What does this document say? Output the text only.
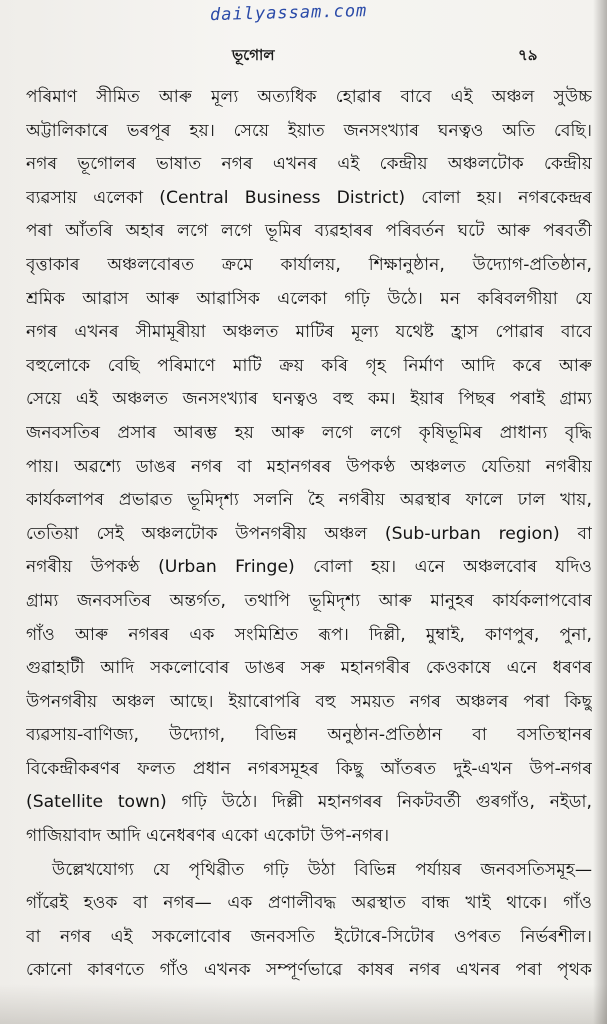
dailyassam.com
ভূগোল	৭৯
পৰিমাণ সীমিত আৰু মূল্য অত্যধিক হোৱাৰ বাবে এই অঞ্চল সুউচ্চ
অট্টালিকাৰে ভৰপূৰ হয়। সেয়ে ইয়াত জনসংখ্যাৰ ঘনত্বও অতি বেছি।
নগৰ ভূগোলৰ ভাষাত নগৰ এখনৰ এই কেন্দ্ৰীয় অঞ্চলটোক কেন্দ্ৰীয়
ব্যৱসায় এলেকা (Central Business District) বোলা হয়। নগৰকেন্দ্ৰৰ
পৰা আঁতৰি অহাৰ লগে লগে ভূমিৰ ব্যৱহাৰৰ পৰিবৰ্তন ঘটে আৰু পৰবৰ্তী
বৃত্তাকাৰ অঞ্চলবোৰত ক্ৰমে কাৰ্যালয়, শিক্ষানুষ্ঠান, উদ্যোগ-প্ৰতিষ্ঠান,
শ্ৰমিক আৱাস আৰু আৱাসিক এলেকা গঢ়ি উঠে। মন কৰিবলগীয়া যে
নগৰ এখনৰ সীমামূৰীয়া অঞ্চলত মাটিৰ মূল্য যথেষ্ট হ্ৰাস পোৱাৰ বাবে
বহুলোকে বেছি পৰিমাণে মাটি ক্ৰয় কৰি গৃহ নিৰ্মাণ আদি কৰে আৰু
সেয়ে এই অঞ্চলত জনসংখ্যাৰ ঘনত্বও বহু কম। ইয়াৰ পিছৰ পৰাই গ্ৰাম্য
জনবসতিৰ প্ৰসাৰ আৰম্ভ হয় আৰু লগে লগে কৃষিভূমিৰ প্ৰাধান্য বৃদ্ধি
পায়। অৱশ্যে ডাঙৰ নগৰ বা মহানগৰৰ উপকণ্ঠ অঞ্চলত যেতিয়া নগৰীয়
কাৰ্যকলাপৰ প্ৰভাৱত ভূমিদৃশ্য সলনি হৈ নগৰীয় অৱস্থাৰ ফালে ঢাল খায়,
তেতিয়া সেই অঞ্চলটোক উপনগৰীয় অঞ্চল (Sub-urban region) বা
নগৰীয় উপকণ্ঠ (Urban Fringe) বোলা হয়। এনে অঞ্চলবোৰ যদিও
গ্ৰাম্য জনবসতিৰ অন্তৰ্গত, তথাপি ভূমিদৃশ্য আৰু মানুহৰ কাৰ্যকলাপবোৰ
গাঁও আৰু নগৰৰ এক সংমিশ্ৰিত ৰূপ। দিল্লী, মুম্বাই, কাণপুৰ, পুনা,
গুৱাহাটী আদি সকলোবোৰ ডাঙৰ সৰু মহানগৰীৰ কেওকাষে এনে ধৰণৰ
উপনগৰীয় অঞ্চল আছে। ইয়াৰোপৰি বহু সময়ত নগৰ অঞ্চলৰ পৰা কিছু
ব্যৱসায়-বাণিজ্য, উদ্যোগ, বিভিন্ন অনুষ্ঠান-প্ৰতিষ্ঠান বা বসতিস্থানৰ
বিকেন্দ্ৰীকৰণৰ ফলত প্ৰধান নগৰসমূহৰ কিছু আঁতৰত দুই-এখন উপ-নগৰ
(Satellite town) গঢ়ি উঠে। দিল্লী মহানগৰৰ নিকটবৰ্তী গুৰগাঁও, নইডা,
গাজিয়াবাদ আদি এনেধৰণৰ একো একোটা উপ-নগৰ।
উল্লেখযোগ্য যে পৃথিৱীত গঢ়ি উঠা বিভিন্ন পৰ্যায়ৰ জনবসতিসমূহ—
গাঁৱেই হওক বা নগৰ— এক প্ৰণালীবদ্ধ অৱস্থাত বান্ধ খাই থাকে। গাঁও
বা নগৰ এই সকলোবোৰ জনবসতি ইটোৰে-সিটোৰ ওপৰত নিৰ্ভৰশীল।
কোনো কাৰণতে গাঁও এখনক সম্পূৰ্ণভাৱে কাষৰ নগৰ এখনৰ পৰা পৃথক
